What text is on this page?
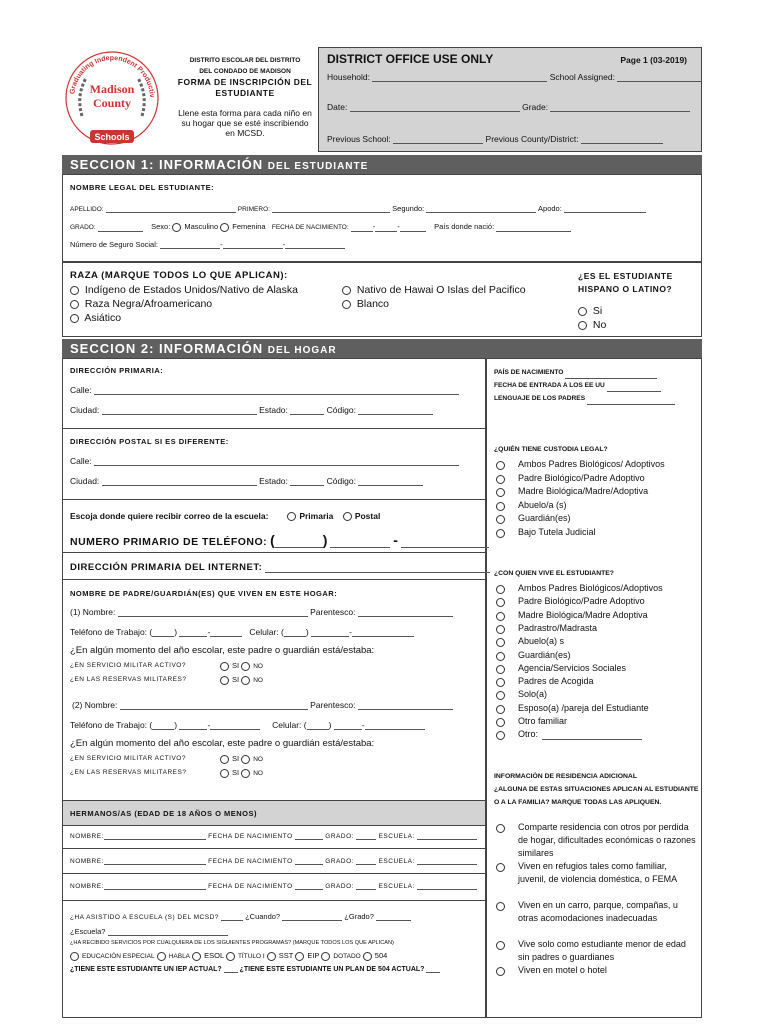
Graduating Independent Productiv
Madison
County
Schools
DISTRITO ESCOLAR DEL DISTRITO
DEL CONDADO DE MADISON
FORMA DE INSCRIPCIÓN DEL
ESTUDIANTE
Llene esta forma para cada niño en su hogar que se esté inscribiendo en MCSD.
DISTRICT OFFICE USE ONLY	Page 1 (03-2019)
Household:	School Assigned:
Date:	Grade:
Previous School:	Previous County/District:
SECCION 1: INFORMACIÓN DEL ESTUDIANTE
NOMBRE LEGAL DEL ESTUDIANTE:
APELLIDO:	PRIMERO:	Segundo:	Apodo:
GRADO:	Sexo: Masculino Femenina FECHA DE NACIMIENTO:	-	-	País donde nació:
Número de Seguro Social:	-	-
RAZA (MARQUE TODOS LO QUE APLICAN):
Indígeno de Estados Unidos/Nativo de Alaska
Raza Negra/Afroamericano
Asiático
Nativo de Hawai O Islas del Pacifico
Blanco
¿ES EL ESTUDIANTE
HISPANO O LATINO?
Si
No
SECCION 2: INFORMACIÓN DEL HOGAR
DIRECCIÓN PRIMARIA:
Calle:
Ciudad:	Estado:	Código:
DIRECCIÓN POSTAL SI ES DIFERENTE:
Calle:
Ciudad:	Estado:	Código:
Escoja donde quiere recibir correo de la escuela:	Primaria	Postal
NUMERO PRIMARIO DE TELÉFONO: (	)	-
DIRECCIÓN PRIMARIA DEL INTERNET:
NOMBRE DE PADRE/GUARDIÁN(ES) QUE VIVEN EN ESTE HOGAR:
(1) Nombre:	Parentesco:
Teléfono de Trabajo: (	)	-	Celular: (	)	-
¿En algún momento del año escolar, este padre o guardián está/estaba:
¿EN SERVICIO MILITAR ACTIVO?	SI NO
¿EN LAS RESERVAS MILITARES?	SI NO
(2) Nombre:	Parentesco:
Teléfono de Trabajo: (	)	-	Celular: (	)	-
¿En algún momento del año escolar, este padre o guardián está/estaba:
¿EN SERVICIO MILITAR ACTIVO?	SI NO
¿EN LAS RESERVAS MILITARES?	SI NO
HERMANOS/AS (EDAD DE 18 AÑOS O MENOS)
NOMBRE:	FECHA DE NACIMIENTO	GRADO:	ESCUELA:
NOMBRE:	FECHA DE NACIMIENTO	GRADO:	ESCUELA:
NOMBRE:	FECHA DE NACIMIENTO	GRADO:	ESCUELA:
¿HA ASISTIDO A ESCUELA (S) DEL MCSD?	¿Cuando?	¿Grado?
¿Escuela?
¿HA RECIBIDO SERVICIOS POR CUALQUIERA DE LOS SIGUIENTES PROGRAMAS? (MARQUE TODOS LOS QUE APLICAN)
EDUCACIÓN ESPECIAL HABLA ESOL TÍTULO I SST EIP DOTADO 504
¿TIENE ESTE ESTUDIANTE UN IEP ACTUAL?	¿TIENE ESTE ESTUDIANTE UN PLAN DE 504 ACTUAL?
PAÍS DE NACIMIENTO
FECHA DE ENTRADA A LOS EE UU
LENGUAJE DE LOS PADRES
¿QUIÉN TIENE CUSTODIA LEGAL?
Ambos Padres Biológicos/ Adoptivos
Padre Biológico/Padre Adoptivo
Madre Biológica/Madre/Adoptiva
Abuelo/a (s)
Guardián(es)
Bajo Tutela Judicial
¿CON QUIEN VIVE EL ESTUDIANTE?
Ambos Padres Biológicos/Adoptivos
Padre Biológico/Padre Adoptivo
Madre Biológica/Madre Adoptiva
Padrastro/Madrasta
Abuelo(a) s
Guardián(es)
Agencia/Servicios Sociales
Padres de Acogida
Solo(a)
Esposo(a) /pareja del Estudiante
Otro familiar
Otro:
INFORMACIÓN DE RESIDENCIA ADICIONAL
¿ALGUNA DE ESTAS SITUACIONES APLICAN AL ESTUDIANTE O A LA FAMILIA? MARQUE TODAS LAS APLIQUEN.
Comparte residencia con otros por perdida de hogar, dificultades económicas o razones similares
Viven en refugios tales como familiar, juvenil, de violencia doméstica, o FEMA
Viven en un carro, parque, compañas, u otras acomodaciones inadecuadas
Vive solo como estudiante menor de edad sin padres o guardianes
Viven en motel o hotel
